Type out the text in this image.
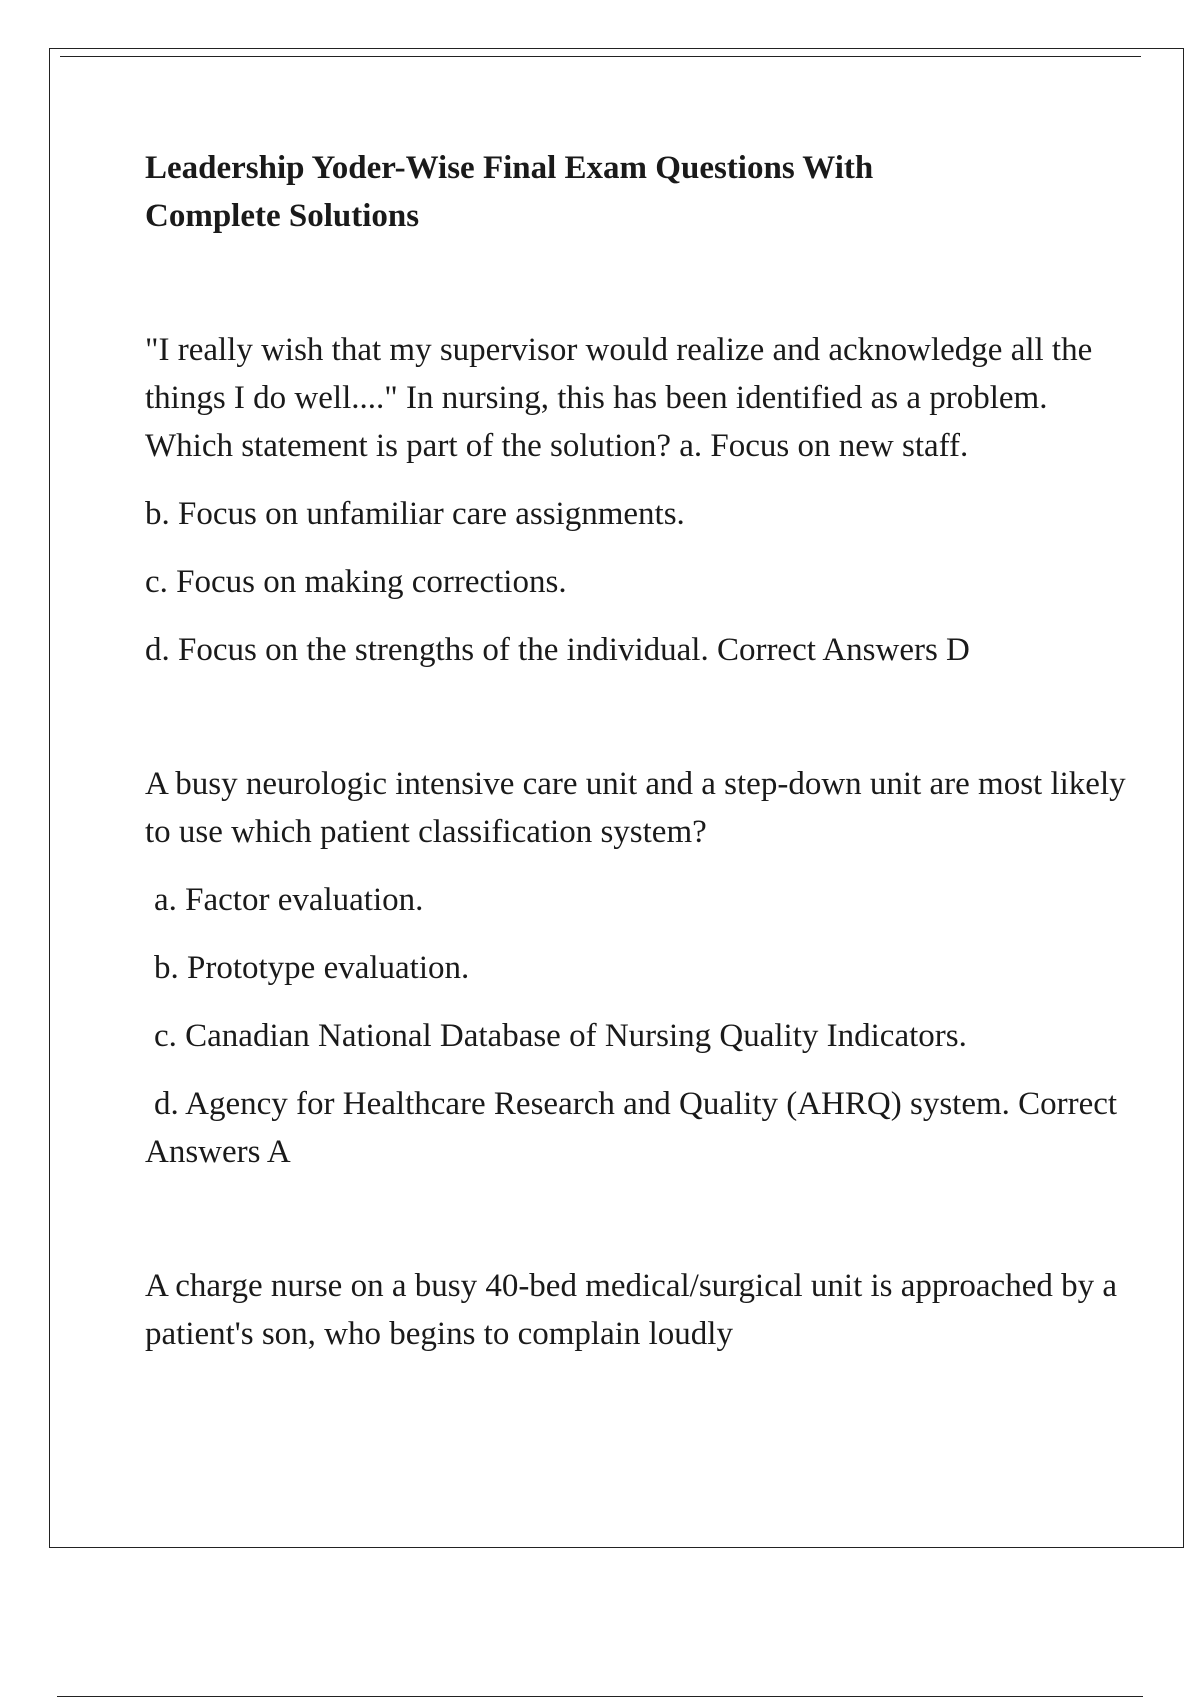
Leadership Yoder-Wise Final Exam Questions With Complete Solutions

"I really wish that my supervisor would realize and acknowledge all the things I do well...." In nursing, this has been identified as a problem. Which statement is part of the solution? a. Focus on new staff.

b. Focus on unfamiliar care assignments.

c. Focus on making corrections.

d. Focus on the strengths of the individual. Correct Answers D

A busy neurologic intensive care unit and a step-down unit are most likely to use which patient classification system?

a. Factor evaluation.

b. Prototype evaluation.

c. Canadian National Database of Nursing Quality Indicators.

d. Agency for Healthcare Research and Quality (AHRQ) system. Correct Answers A

A charge nurse on a busy 40-bed medical/surgical unit is approached by a patient's son, who begins to complain loudly
